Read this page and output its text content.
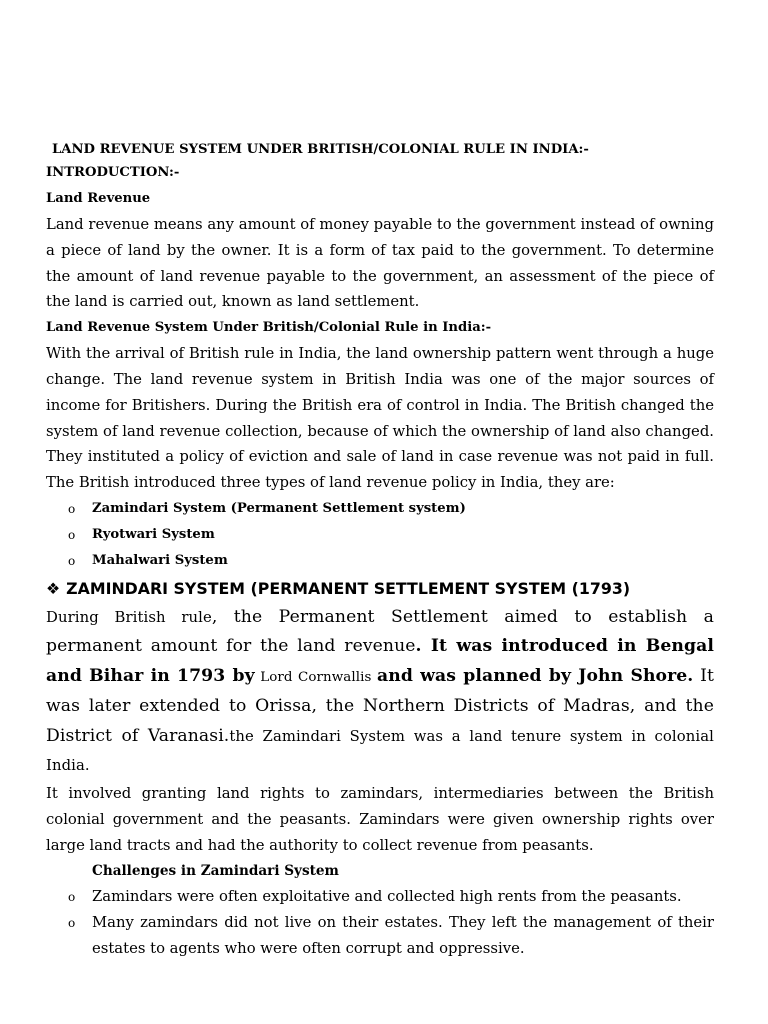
LAND REVENUE SYSTEM UNDER BRITISH/COLONIAL RULE IN INDIA:-
INTRODUCTION:-
Land Revenue

Land revenue means any amount of money payable to the government instead of owning a piece of land by the owner. It is a form of tax paid to the government. To determine the amount of land revenue payable to the government, an assessment of the piece of the land is carried out, known as land settlement.

Land Revenue System Under British/Colonial Rule in India:-

With the arrival of British rule in India, the land ownership pattern went through a huge change. The land revenue system in British India was one of the major sources of income for Britishers. During the British era of control in India. The British changed the system of land revenue collection, because of which the ownership of land also changed. They instituted a policy of eviction and sale of land in case revenue was not paid in full. The British introduced three types of land revenue policy in India, they are:

o Zamindari System (Permanent Settlement system)
o Ryotwari System
o Mahalwari System
❖ ZAMINDARI SYSTEM (PERMANENT SETTLEMENT SYSTEM (1793)

During British rule, the Permanent Settlement aimed to establish a permanent amount for the land revenue. It was introduced in Bengal and Bihar in 1793 by Lord Cornwallis and was planned by John Shore. It was later extended to Orissa, the Northern Districts of Madras, and the District of Varanasi.the Zamindari System was a land tenure system in colonial India.

It involved granting land rights to zamindars, intermediaries between the British colonial government and the peasants. Zamindars were given ownership rights over large land tracts and had the authority to collect revenue from peasants.

Challenges in Zamindari System
o Zamindars were often exploitative and collected high rents from the peasants.
o Many zamindars did not live on their estates. They left the management of their estates to agents who were often corrupt and oppressive.
